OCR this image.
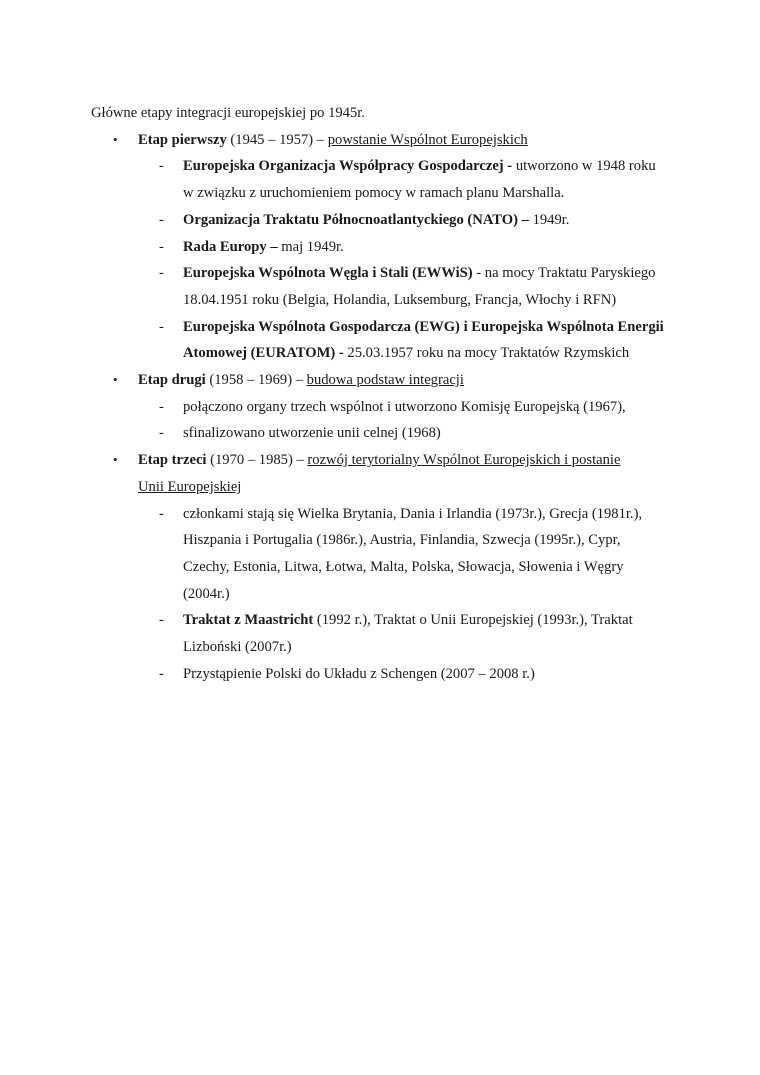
Główne etapy integracji europejskiej po 1945r.

• Etap pierwszy (1945 – 1957) – powstanie Wspólnot Europejskich
- Europejska Organizacja Współpracy Gospodarczej - utworzono w 1948 roku w związku z uruchomieniem pomocy w ramach planu Marshalla.
- Organizacja Traktatu Północnoatlantyckiego (NATO) – 1949r.
- Rada Europy – maj 1949r.
- Europejska Wspólnota Węgla i Stali (EWWiS) - na mocy Traktatu Paryskiego 18.04.1951 roku (Belgia, Holandia, Luksemburg, Francja, Włochy i RFN)
- Europejska Wspólnota Gospodarcza (EWG) i Europejska Wspólnota Energii Atomowej (EURATOM) - 25.03.1957 roku na mocy Traktatów Rzymskich
• Etap drugi (1958 – 1969) – budowa podstaw integracji
- połączono organy trzech wspólnot i utworzono Komisję Europejską (1967),
- sfinalizowano utworzenie unii celnej (1968)
• Etap trzeci (1970 – 1985) – rozwój terytorialny Wspólnot Europejskich i postanie Unii Europejskiej
- członkami stają się Wielka Brytania, Dania i Irlandia (1973r.), Grecja (1981r.), Hiszpania i Portugalia (1986r.), Austria, Finlandia, Szwecja (1995r.), Cypr, Czechy, Estonia, Litwa, Łotwa, Malta, Polska, Słowacja, Słowenia i Węgry (2004r.)
- Traktat z Maastricht (1992 r.), Traktat o Unii Europejskiej (1993r.), Traktat Lizboński (2007r.)
- Przystąpienie Polski do Układu z Schengen (2007 – 2008 r.)
